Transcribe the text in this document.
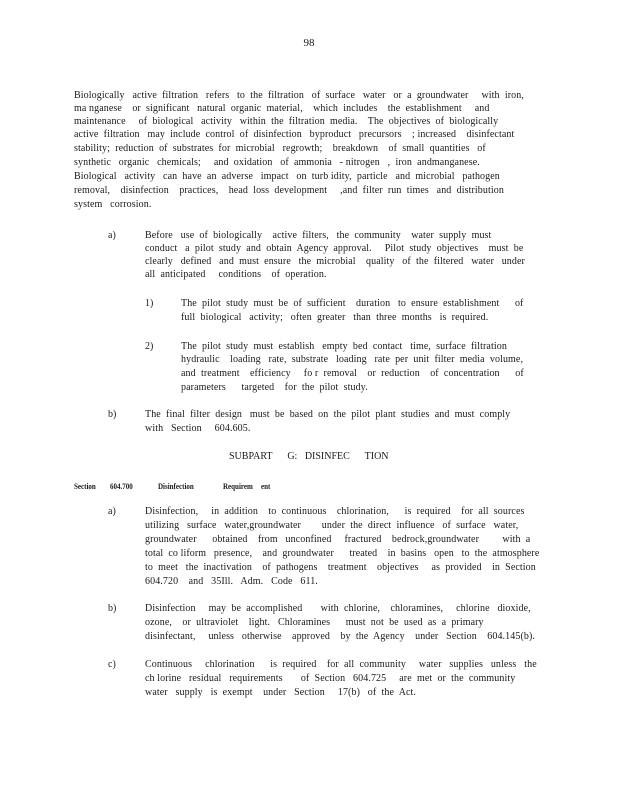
98
Biologically   active  filtration   refers   to  the  filtration   of  surface   water   or  a  groundwater     with  iron,
ma nganese    or  significant   natural  organic  material,    which  includes    the  establishment     and
maintenance     of  biological   activity   within  the  filtration  media.    The  objectives  of  biologically
active  filtration   may  include  control  of  disinfection   byproduct   precursors    ; increased    disinfectant
stability;  reduction  of  substrates  for  microbial   regrowth;    breakdown    of  small  quantities   of
synthetic   organic   chemicals;     and  oxidation   of  ammonia   - nitrogen   ,  iron  andmanganese.
Biological   activity   can  have  an  adverse   impact   on  turb idity,  particle   and  microbial   pathogen
removal,    disinfection    practices,    head  loss  development     ,and  filter  run  times   and  distribution
system   corrosion.
a)	Before   use  of  biologically    active  filters,   the  community    water  supply  must
conduct   a  pilot  study  and  obtain  Agency  approval.     Pilot  study  objectives    must  be
clearly   defined   and  must  ensure   the  microbial    quality   of  the  filtered   water   under
all  anticipated     conditions    of  operation.
1)	The  pilot  study  must  be  of  sufficient    duration   to  ensure  establishment      of
full  biological   activity;   often  greater   than  three  months   is  required.
2)	The  pilot  study  must  establish   empty  bed  contact   time,  surface  filtration
hydraulic    loading   rate,  substrate   loading   rate  per  unit  filter  media  volume,
and  treatment    efficiency     fo r  removal    or  reduction    of  concentration      of
parameters      targeted    for  the  pilot  study.
b)	The  final  filter  design   must  be  based  on  the  pilot  plant  studies  and  must  comply
with   Section     604.605.
SUBPART      G:   DISINFEC      TION
Section 604.700	Disinfection	Requirem ent
a)	Disinfection,     in  addition    to  continuous    chlorination,      is  required    for  all  sources
utilizing   surface   water,groundwater        under  the  direct  influence   of  surface   water,
groundwater      obtained    from   unconfined     fractured    bedrock,groundwater         with  a
total  co liform   presence,    and  groundwater      treated    in  basins   open   to  the  atmosphere
to  meet   the  inactivation    of  pathogens    treatment    objectives     as  provided    in  Section
604.720    and   35Ill.   Adm.   Code   611.
b)	Disinfection     may  be  accomplished       with  chlorine,    chloramines,     chlorine   dioxide,
ozone,    or  ultraviolet    light.   Chloramines      must  not  be  used  as  a  primary
disinfectant,     unless   otherwise    approved    by  the  Agency    under   Section    604.145(b).
c)	Continuous     chlorination      is  required    for  all  community     water   supplies   unless   the
ch lorine   residual   requirements       of  Section   604.725     are  met  or  the  community
water   supply   is  exempt    under   Section     17(b)   of  the  Act.
